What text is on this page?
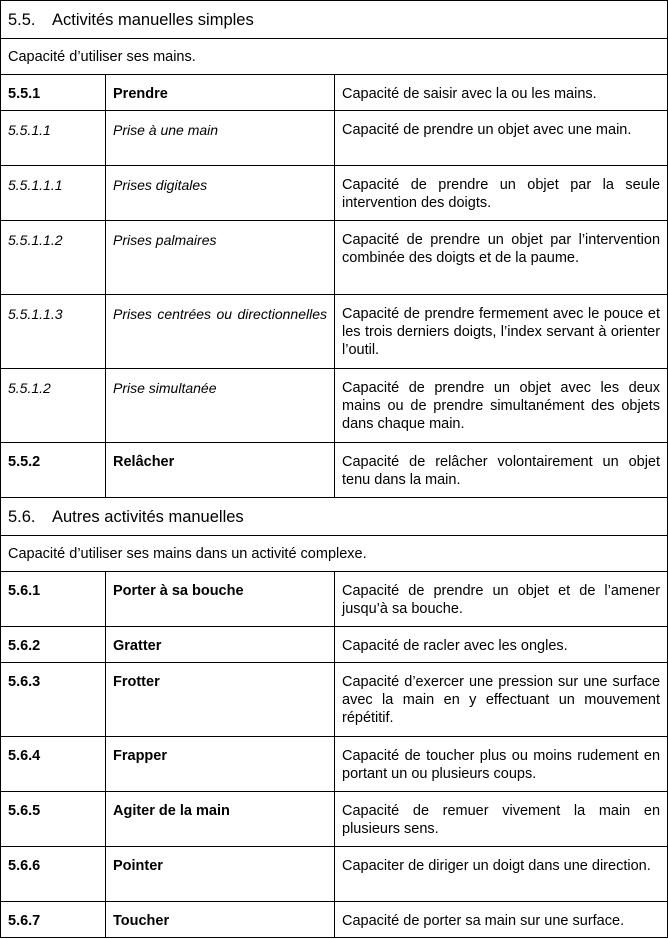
5.5. Activités manuelles simples		
Capacité d’utiliser ses mains.		
5.5.1	Prendre	Capacité de saisir avec la ou les mains.
5.5.1.1	Prise à une main	Capacité de prendre un objet avec une main.
5.5.1.1.1	Prises digitales	Capacité de prendre un objet par la seule intervention des doigts.
5.5.1.1.2	Prises palmaires	Capacité de prendre un objet par l’intervention combinée des doigts et de la paume.
5.5.1.1.3	Prises centrées ou directionnelles	Capacité de prendre fermement avec le pouce et les trois derniers doigts, l’index servant à orienter l’outil.
5.5.1.2	Prise simultanée	Capacité de prendre un objet avec les deux mains ou de prendre simultanément des objets dans chaque main.
5.5.2	Relâcher	Capacité de relâcher volontairement un objet tenu dans la main.
5.6. Autres activités manuelles		
Capacité d’utiliser ses mains dans un activité complexe.		
5.6.1	Porter à sa bouche	Capacité de prendre un objet et de l’amener jusqu’à sa bouche.
5.6.2	Gratter	Capacité de racler avec les ongles.
5.6.3	Frotter	Capacité d’exercer une pression sur une surface avec la main en y effectuant un mouvement répétitif.
5.6.4	Frapper	Capacité de toucher plus ou moins rudement en portant un ou plusieurs coups.
5.6.5	Agiter de la main	Capacité de remuer vivement la main en plusieurs sens.
5.6.6	Pointer	Capaciter de diriger un doigt dans une direction.
5.6.7	Toucher	Capacité de porter sa main sur une surface.
